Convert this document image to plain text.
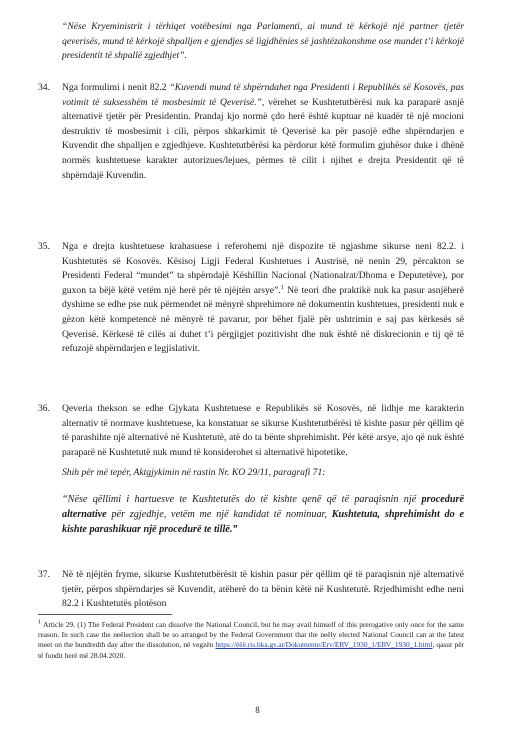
“Nëse Kryeministrit i tërhiqet votëbesimi nga Parlamenti, ai mund të kërkojë një partner tjetër qeverisës, mund të kërkojë shpalljen e gjendjes së ligjdhënies së jashtëzakonshme ose mundet t’i kërkojë presidentit të shpallë zgjedhjet”.

34.	Nga formulimi i nenit 82.2 “Kuvendi mund të shpërndahet nga Presidenti i Republikës së Kosovës, pas votimit të suksesshëm të mosbesimit të Qeverisë.”, vërehet se Kushtetutbërësi nuk ka paraparë asnjë alternativë tjetër për Presidentin. Prandaj kjo normë çdo herë është kuptuar në kuadër të një mocioni destruktiv të mosbesimit i cili, përpos shkarkimit të Qeverisë ka për pasojë edhe shpërndarjen e Kuvendit dhe shpalljen e zgjedhjeve. Kushtetutbërësi ka përdorur këtë formulim gjuhësor duke i dhënë normës kushtetuese karakter autorizues/lejues, përmes të cilit i njihet e drejta Presidentit që të shpërndajë Kuvendin.
35.	Nga e drejta kushtetuese krahasuese i referohemi një dispozite të ngjashme sikurse neni 82.2. i Kushtetutës së Kosovës. Kësisoj Ligji Federal Kushtetues i Austrisë, në nenin 29, përcakton se Presidenti Federal “mundet” ta shpërndajë Këshillin Nacional (Nationalrat/Dhoma e Deputetëve), por guxon ta bëjë këtë vetëm një herë për të njëjtën arsye”.$^1$ Në teori dhe praktikë nuk ka pasur asnjëherë dyshime se edhe pse nuk përmendet në mënyrë shprehimore në dokumentin kushtetues, presidenti nuk e gëzon këtë kompetencë në mënyrë të pavarur, por bëhet fjalë për ushtrimin e saj pas kërkesës së Qeverisë. Kërkesë të cilës ai duhet t’i përgjigjet pozitivisht dhe nuk është në diskrecionin e tij që të refuzojë shpërndarjen e legjislativit.
36.	Qeveria thekson se edhe Gjykata Kushtetuese e Republikës së Kosovës, në lidhje me karakterin alternativ të normave kushtetuese, ka konstatuar se sikurse Kushtetutbërësi të kishte pasur për qëllim që të parashihte një alternativë në Kushtetutë, atë do ta bënte shprehimisht. Për këtë arsye, ajo që nuk është paraparë në Kushtetutë nuk mund të konsiderohet si alternativë hipotetike.

Shih për më tepër, Aktgjykimin në rastin Nr. KO 29/11, paragrafi 71:

“Nëse qëllimi i hartuesve te Kushtetutës do të kishte qenë që të paraqisnin një procedurë alternative për zgjedhje, vetëm me një kandidat të nominuar, Kushtetuta, shprehimisht do e kishte parashikuar një procedurë te tillë.”

37.	Në të njëjtën fryme, sikurse Kushtetutbërësit të kishin pasur për qëllim që të paraqisnin një alternativë tjetër, përpos shpërndarjes së Kuvendit, atëherë do ta bënin këtë në Kushtetutë. Rrjedhimisht edhe neni 82.2 i Kushtetutës plotëson

$^1$ Article 29. (1) The Federal President can dissolve the National Council, but he may avail himself of this prerogative only once for the same reason. In such case the neëlection shall be so arranged by the Federal Government that the neëly elected National Council can at the latest meet on the hundredth day after the dissolution, në vegzën https://ëëë.ris.bka.gv.at/Dokumente/Erv/ERV_1930_1/ERV_1930_1.html, qasur për të fundit herë më 28.04.2020.

8
